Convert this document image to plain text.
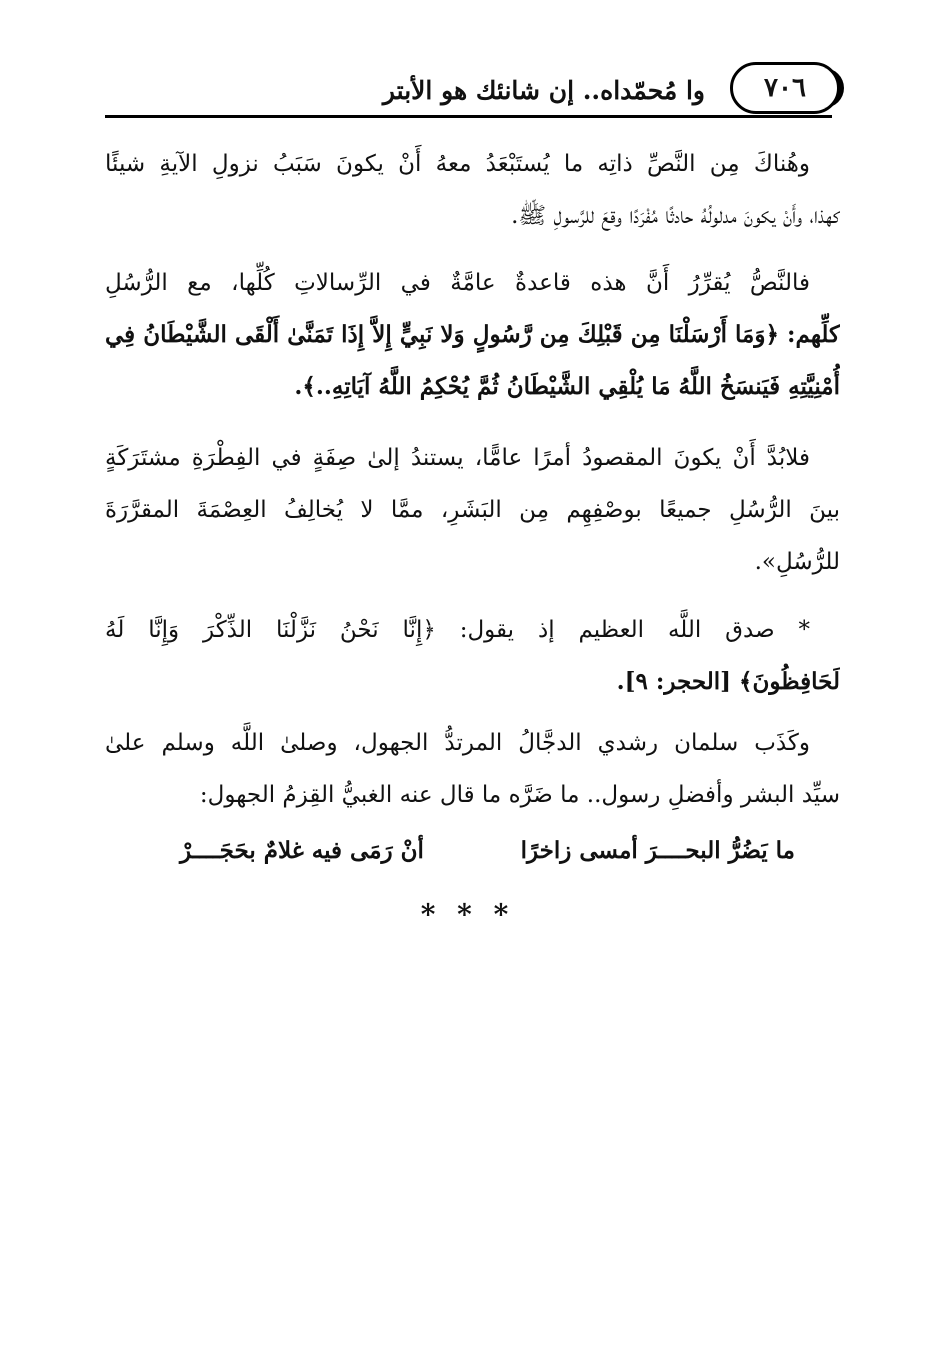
وا مُحمّداه.. إن شانئك هو الأبتر	٧٠٦
وهُناكَ مِن النَّصِّ ذاتِه ما يُستَبْعَدُ معهُ أَنْ يكونَ سَبَبُ نزولِ الآيةِ شيئًا
كهذا، وأَنْ يكونَ مدلولُهُ حادثًا مُفْرَدًا وقعَ للرَّسولِ ﷺ.
فالنَّصُّ يُقرِّرُ أَنَّ هذه قاعدةٌ عامَّةٌ في الرِّسالاتِ كُلِّها، مع الرُّسُلِ
كلِّهم: ﴿وَمَا أَرْسَلْنَا مِن قَبْلِكَ مِن رَّسُولٍ وَلا نَبِيٍّ إِلاَّ إِذَا تَمَنَّىٰ أَلْقَى الشَّيْطَانُ فِي
أُمْنِيَّتِهِ فَيَنسَخُ اللَّهُ مَا يُلْقِي الشَّيْطَانُ ثُمَّ يُحْكِمُ اللَّهُ آيَاتِهِ..﴾.
فلابُدَّ أَنْ يكونَ المقصودُ أمرًا عامًّا، يستندُ إلىٰ صِفَةٍ في الفِطْرَةِ مشتَرَكَةٍ
بينَ الرُّسُلِ جميعًا بوصْفِهِم مِن البَشَرِ، ممَّا لا يُخالِفُ العِصْمَةَ المقرَّرَةَ
للرُّسُلِ».
* صدق اللَّه العظيم إذ يقول: ﴿إِنَّا نَحْنُ نَزَّلْنَا الذِّكْرَ وَإِنَّا لَهُ
لَحَافِظُونَ﴾ [الحجر: ٩].
وكَذَب سلمان رشدي الدجَّالُ المرتدُّ الجهول، وصلىٰ اللَّه وسلم علىٰ
سيِّد البشر وأفضلِ رسول.. ما ضَرَّه ما قال عنه الغبيُّ القِزمُ الجهول:
ما يَضُرُّ البحــــرَ أمسى زاخرًا
أنْ رَمَى فيه غلامٌ بحَجَــــرْ
* * *
